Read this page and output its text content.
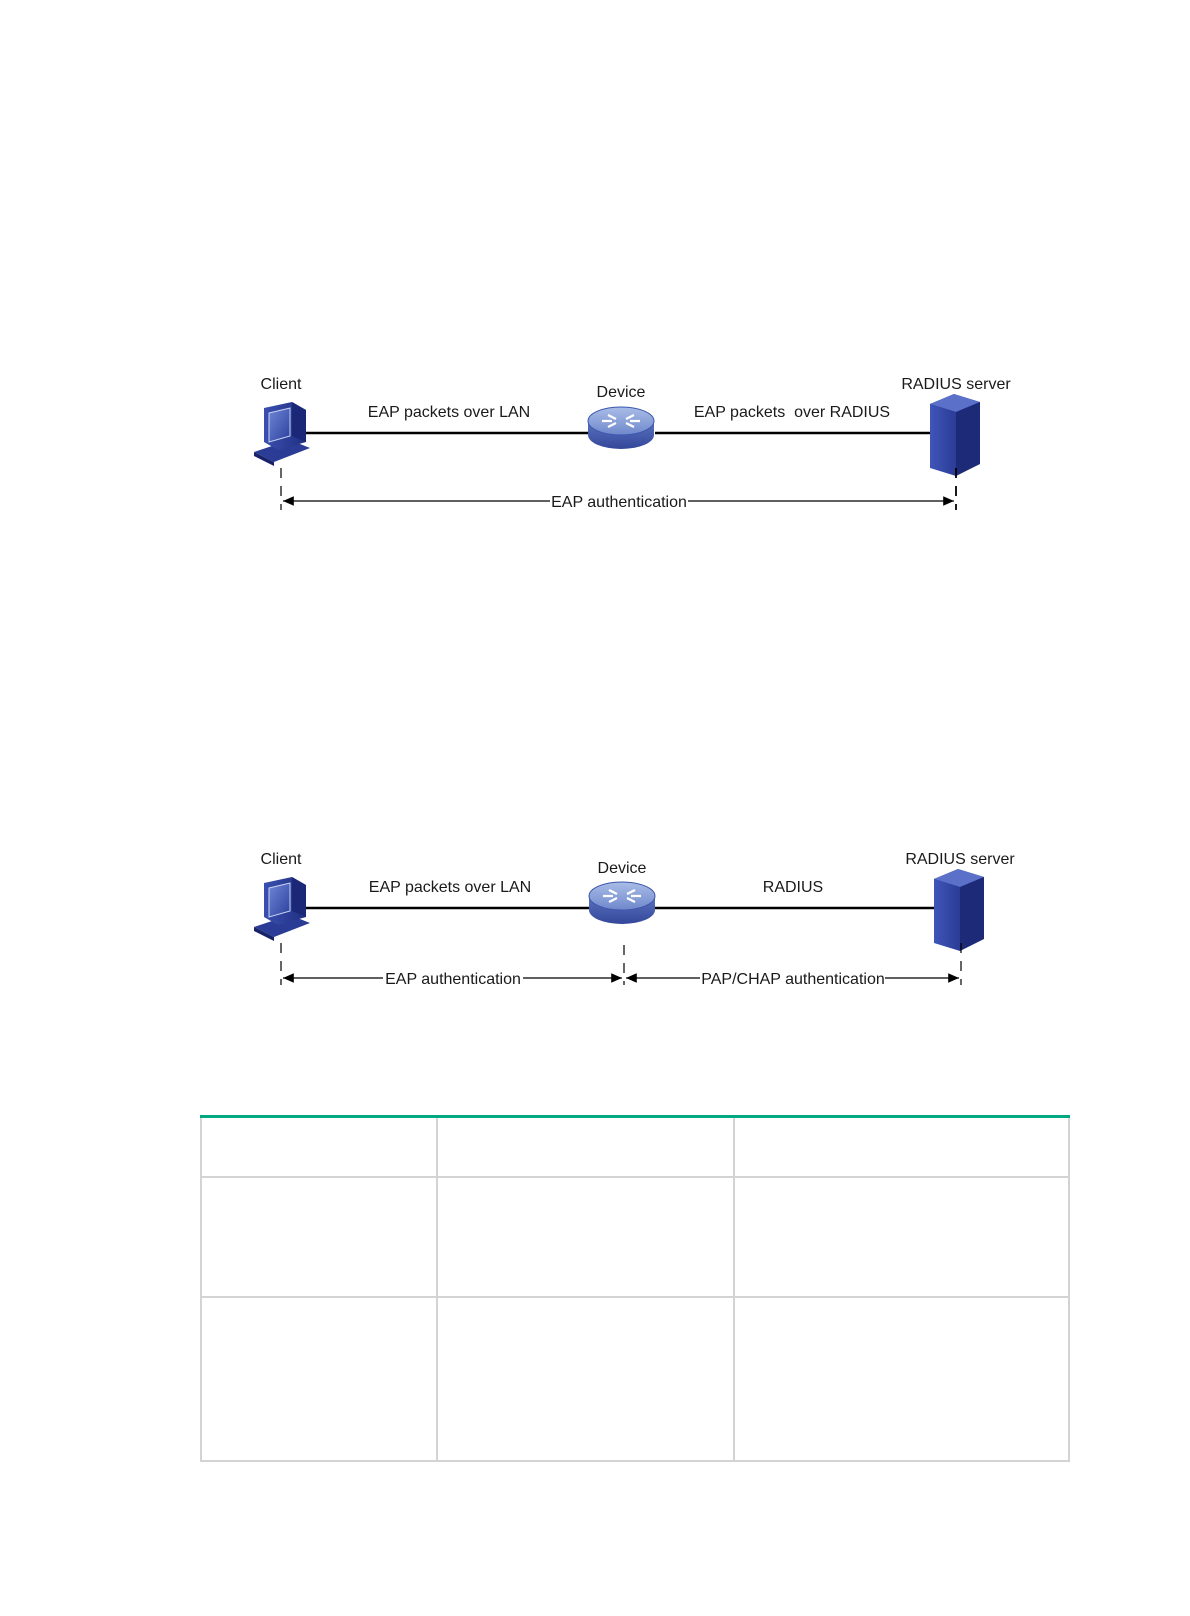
Client	Device	RADIUS server
EAP packets over LAN	EAP packets  over RADIUS
EAP authentication
Client
Device
RADIUS server
EAP packets over LAN	RADIUS
EAP authentication	PAP/CHAP authentication
